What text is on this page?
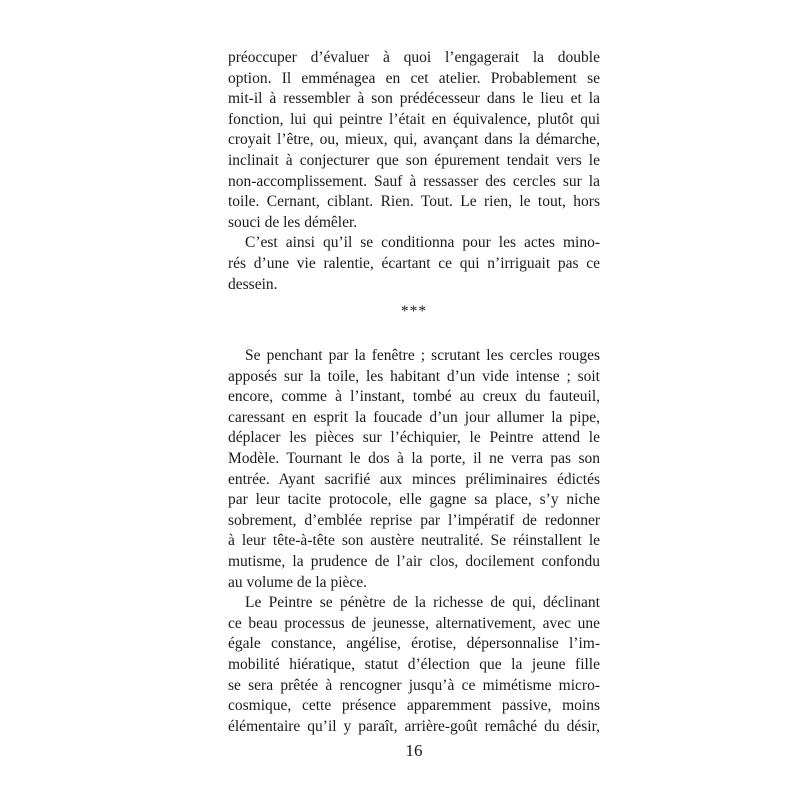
préoccuper d’évaluer à quoi l’engagerait la double
option. Il emménagea en cet atelier. Probablement se
mit-il à ressembler à son prédécesseur dans le lieu et la
fonction, lui qui peintre l’était en équivalence, plutôt qui
croyait l’être, ou, mieux, qui, avançant dans la démarche,
inclinait à conjecturer que son épurement tendait vers le
non-accomplissement. Sauf à ressasser des cercles sur la
toile. Cernant, ciblant. Rien. Tout. Le rien, le tout, hors
souci de les démêler.
C’est ainsi qu’il se conditionna pour les actes mino-
rés d’une vie ralentie, écartant ce qui n’irriguait pas ce
dessein.
***
Se penchant par la fenêtre ; scrutant les cercles rouges
apposés sur la toile, les habitant d’un vide intense ; soit
encore, comme à l’instant, tombé au creux du fauteuil,
caressant en esprit la foucade d’un jour allumer la pipe,
déplacer les pièces sur l’échiquier, le Peintre attend le
Modèle. Tournant le dos à la porte, il ne verra pas son
entrée. Ayant sacrifié aux minces préliminaires édictés
par leur tacite protocole, elle gagne sa place, s’y niche
sobrement, d’emblée reprise par l’impératif de redonner
à leur tête-à-tête son austère neutralité. Se réinstallent le
mutisme, la prudence de l’air clos, docilement confondu
au volume de la pièce.
Le Peintre se pénètre de la richesse de qui, déclinant
ce beau processus de jeunesse, alternativement, avec une
égale constance, angélise, érotise, dépersonnalise l’im-
mobilité hiératique, statut d’élection que la jeune fille
se sera prêtée à rencogner jusqu’à ce mimétisme micro-
cosmique, cette présence apparemment passive, moins
élémentaire qu’il y paraît, arrière-goût remâché du désir,
16
